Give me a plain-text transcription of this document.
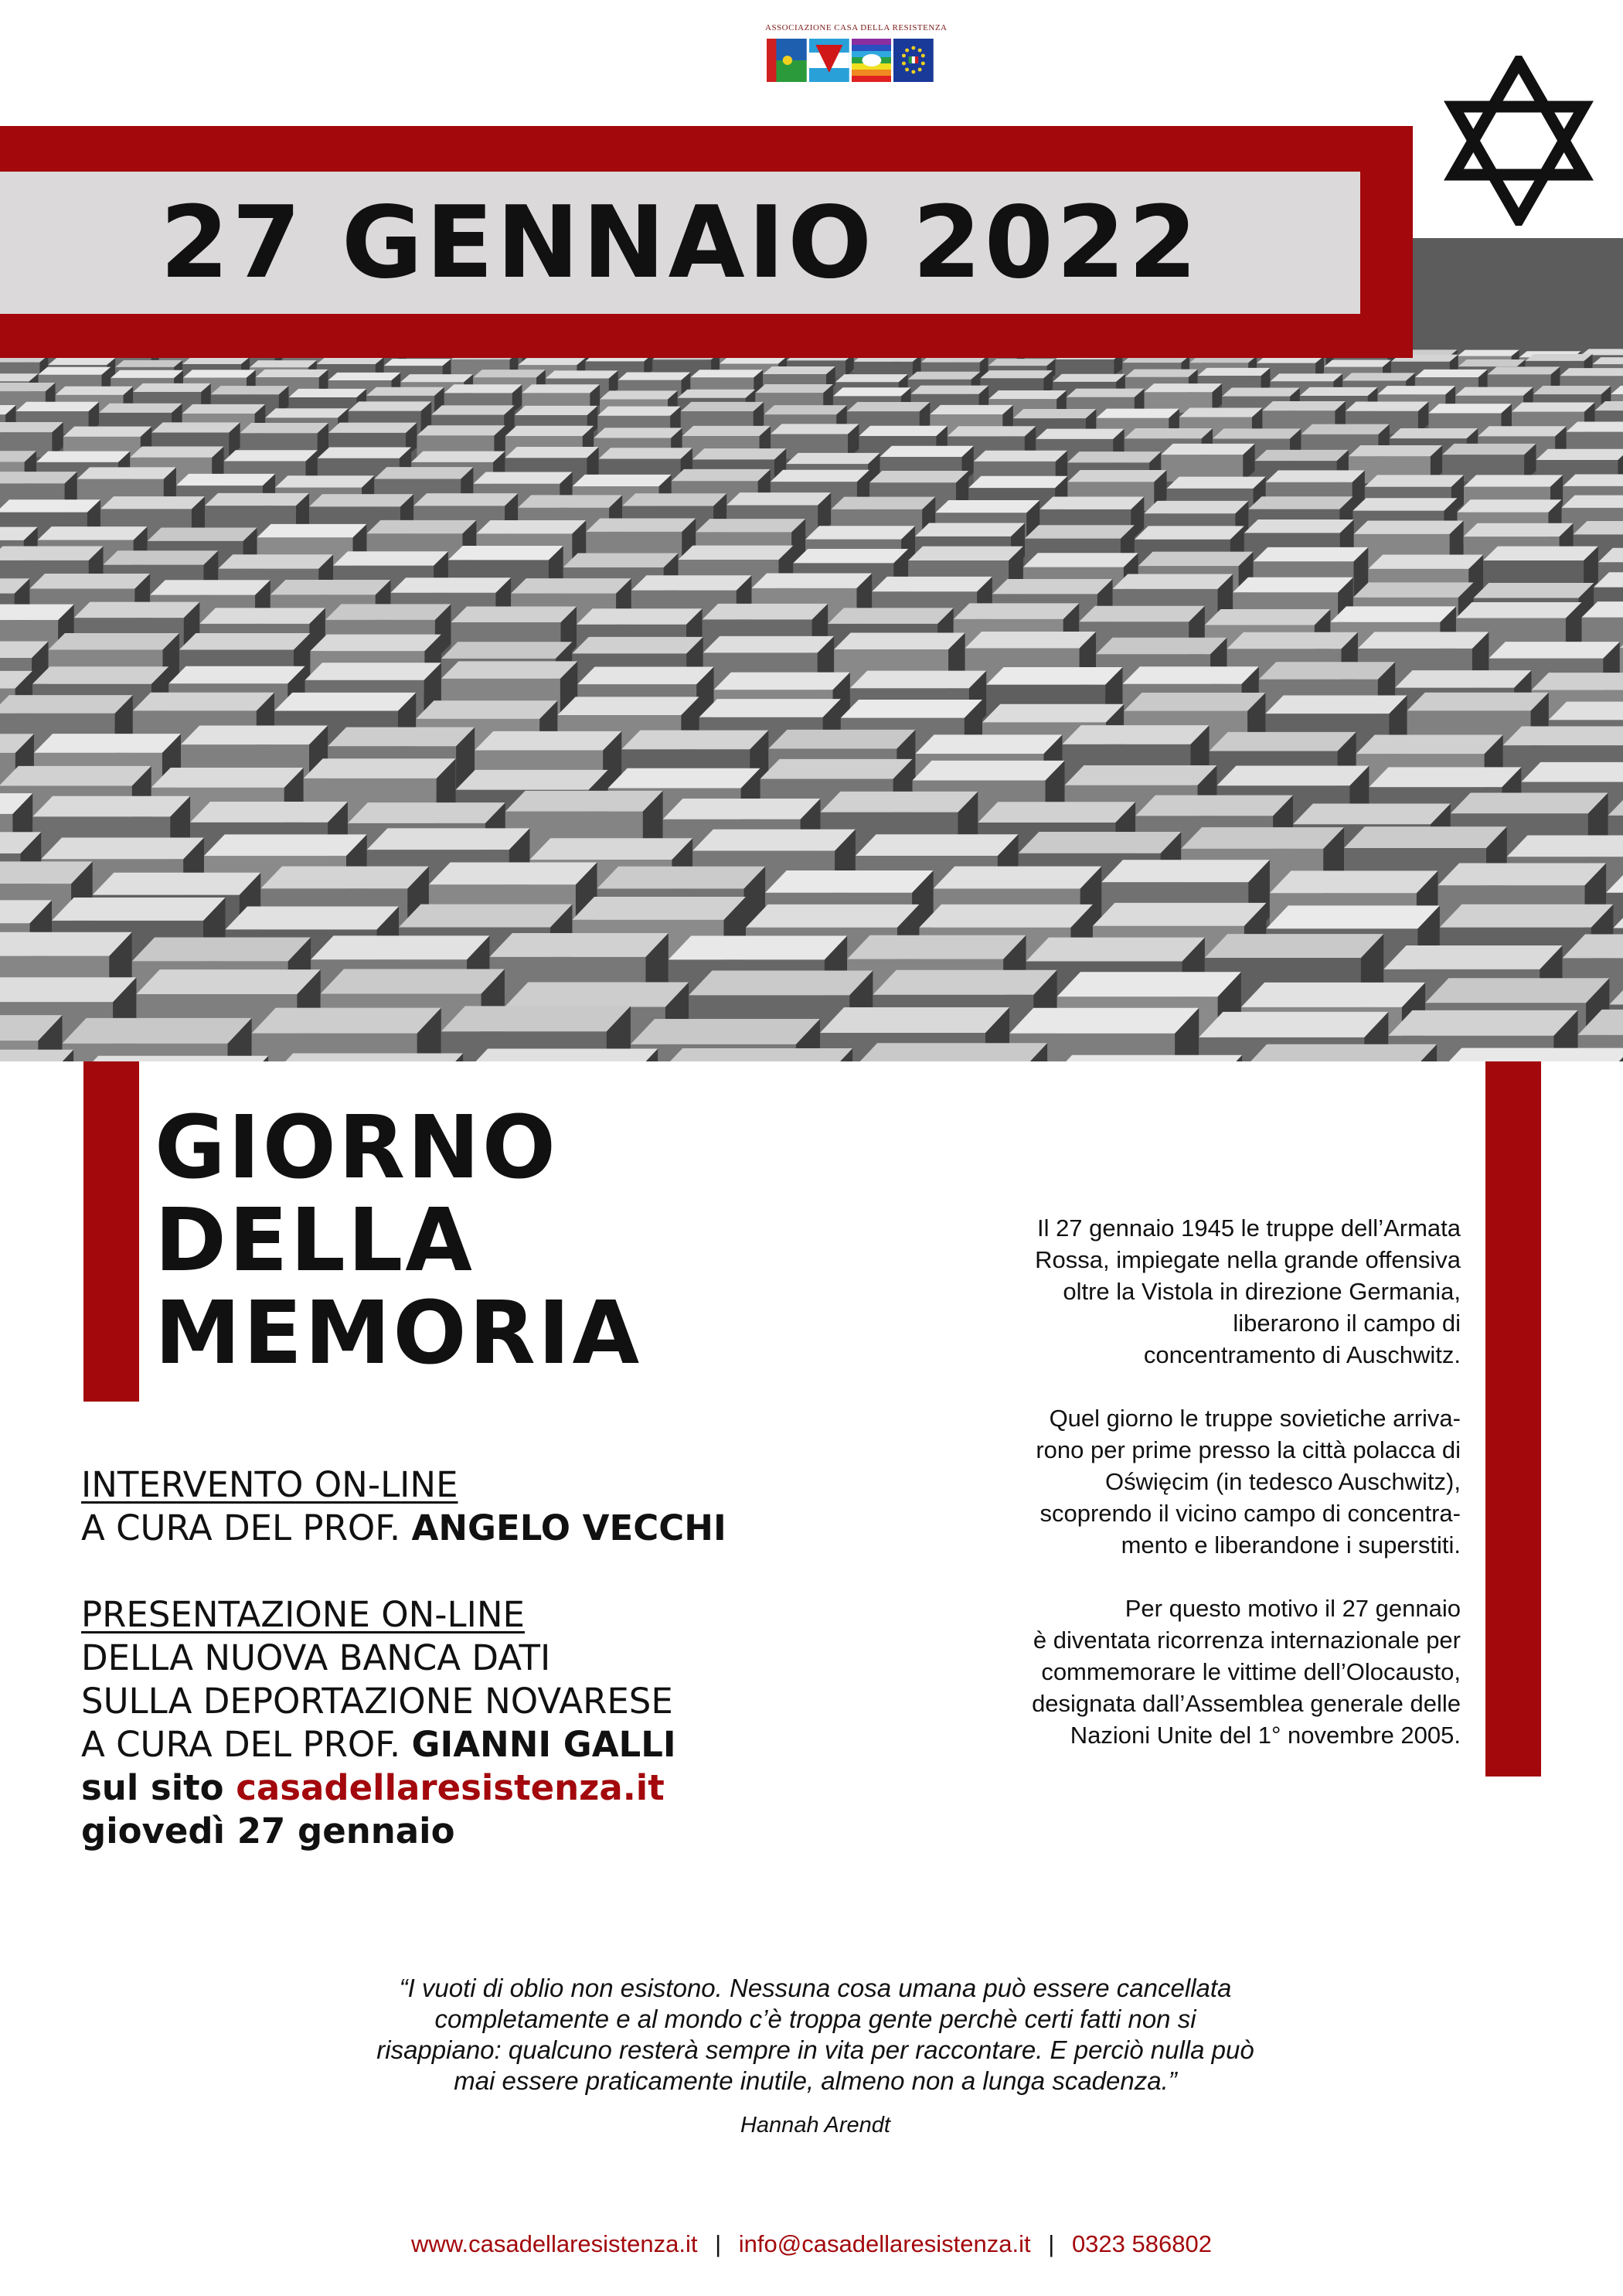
ASSOCIAZIONE CASA DELLA RESISTENZA
27 GENNAIO 2022
GIORNO
DELLA
MEMORIA

Il 27 gennaio 1945 le truppe dell’Armata
Rossa, impiegate nella grande offensiva
oltre la Vistola in direzione Germania,
liberarono il campo di
concentramento di Auschwitz.

Quel giorno le truppe sovietiche arriva-
rono per prime presso la città polacca di
Oświęcim (in tedesco Auschwitz),
scoprendo il vicino campo di concentra-
mento e liberandone i superstiti.

Per questo motivo il 27 gennaio
è diventata ricorrenza internazionale per
commemorare le vittime dell’Olocausto,
designata dall’Assemblea generale delle
Nazioni Unite del 1° novembre 2005.

INTERVENTO ON-LINE
A CURA DEL PROF. ANGELO VECCHI
PRESENTAZIONE ON-LINE
DELLA NUOVA BANCA DATI
SULLA DEPORTAZIONE NOVARESE
A CURA DEL PROF. GIANNI GALLI
sul sito casadellaresistenza.it
giovedì 27 gennaio
“I vuoti di oblio non esistono. Nessuna cosa umana può essere cancellata
completamente e al mondo c’è troppa gente perchè certi fatti non si
risappiano: qualcuno resterà sempre in vita per raccontare. E perciò nulla può
mai essere praticamente inutile, almeno non a lunga scadenza.”
Hannah Arendt
www.casadellaresistenza.it | info@casadellaresistenza.it | 0323 586802
